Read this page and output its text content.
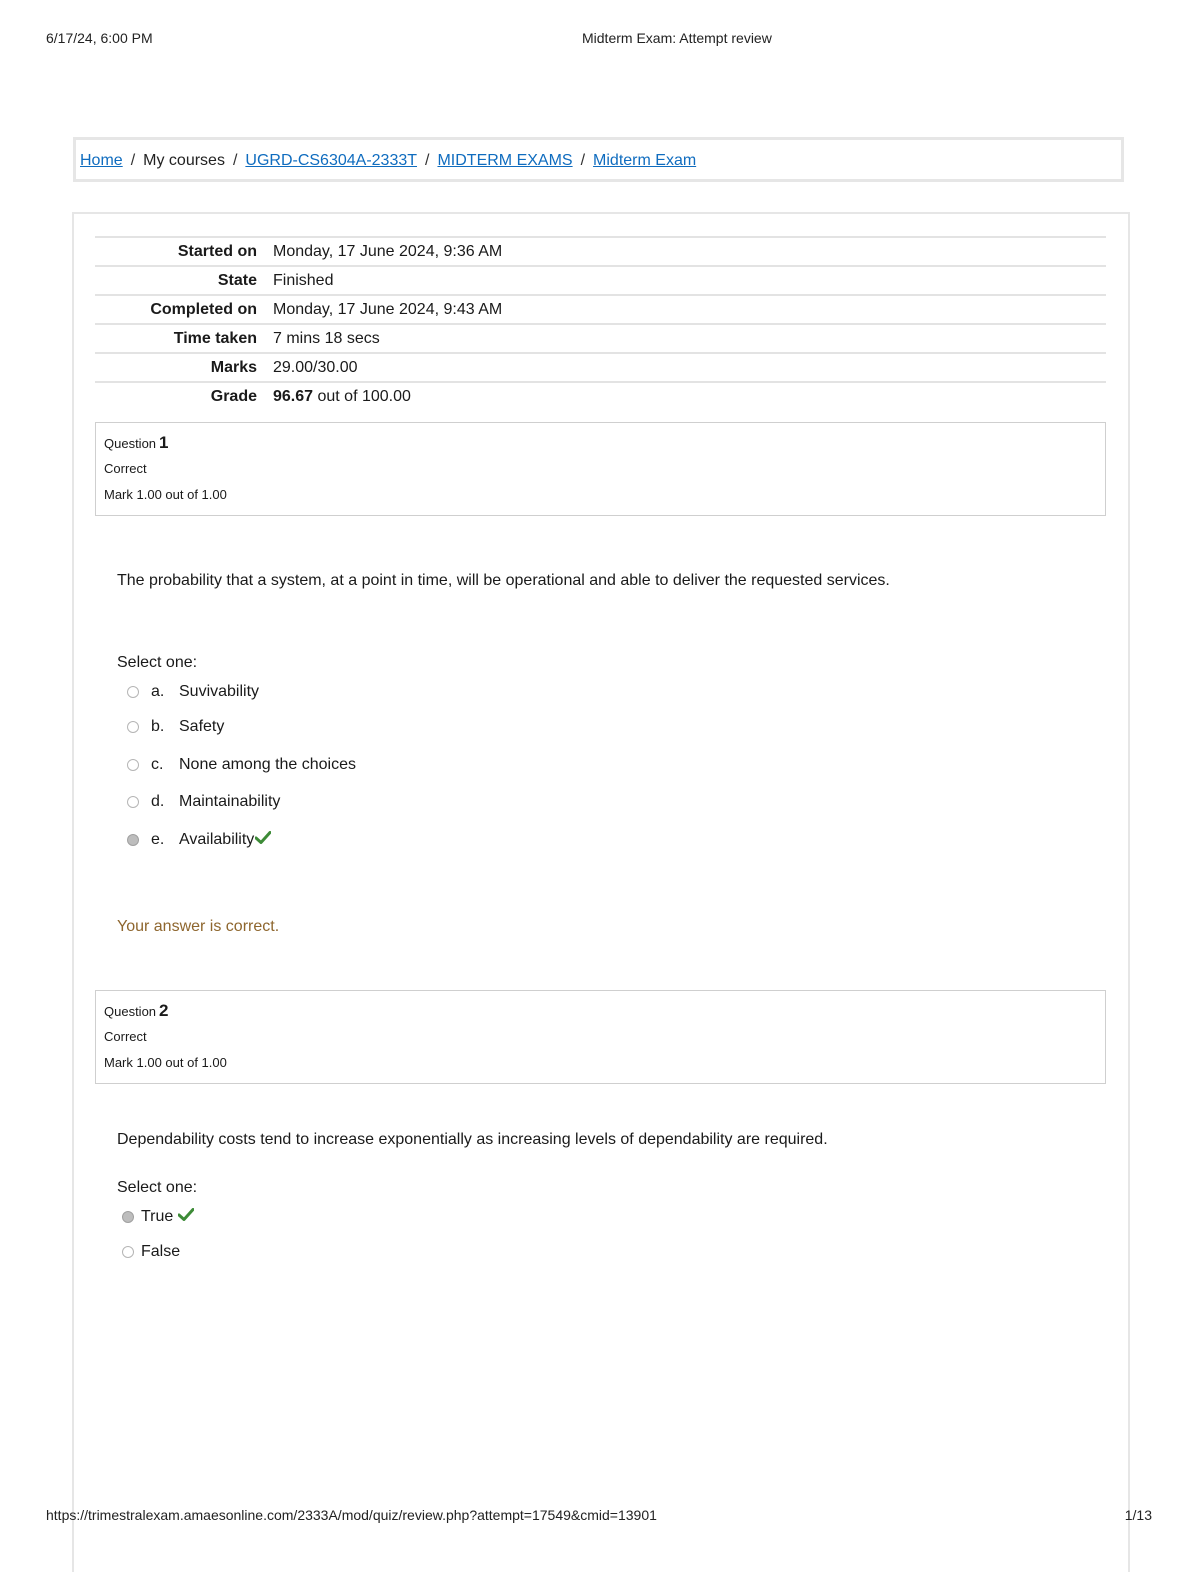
6/17/24, 6:00 PM	Midterm Exam: Attempt review
Home / My courses / UGRD-CS6304A-2333T / MIDTERM EXAMS / Midterm Exam
Started on	Monday, 17 June 2024, 9:36 AM
State	Finished
Completed on	Monday, 17 June 2024, 9:43 AM
Time taken	7 mins 18 secs
Marks	29.00/30.00
Grade	96.67 out of 100.00
Question 1
Correct
Mark 1.00 out of 1.00
The probability that a system, at a point in time, will be operational and able to deliver the requested services.
Select one:
a. Suvivability
b. Safety
c. None among the choices
d. Maintainability
e. Availability
Your answer is correct.
Question 2
Correct
Mark 1.00 out of 1.00
Dependability costs tend to increase exponentially as increasing levels of dependability are required.
Select one:
True
False
https://trimestralexam.amaesonline.com/2333A/mod/quiz/review.php?attempt=17549&cmid=13901	1/13
